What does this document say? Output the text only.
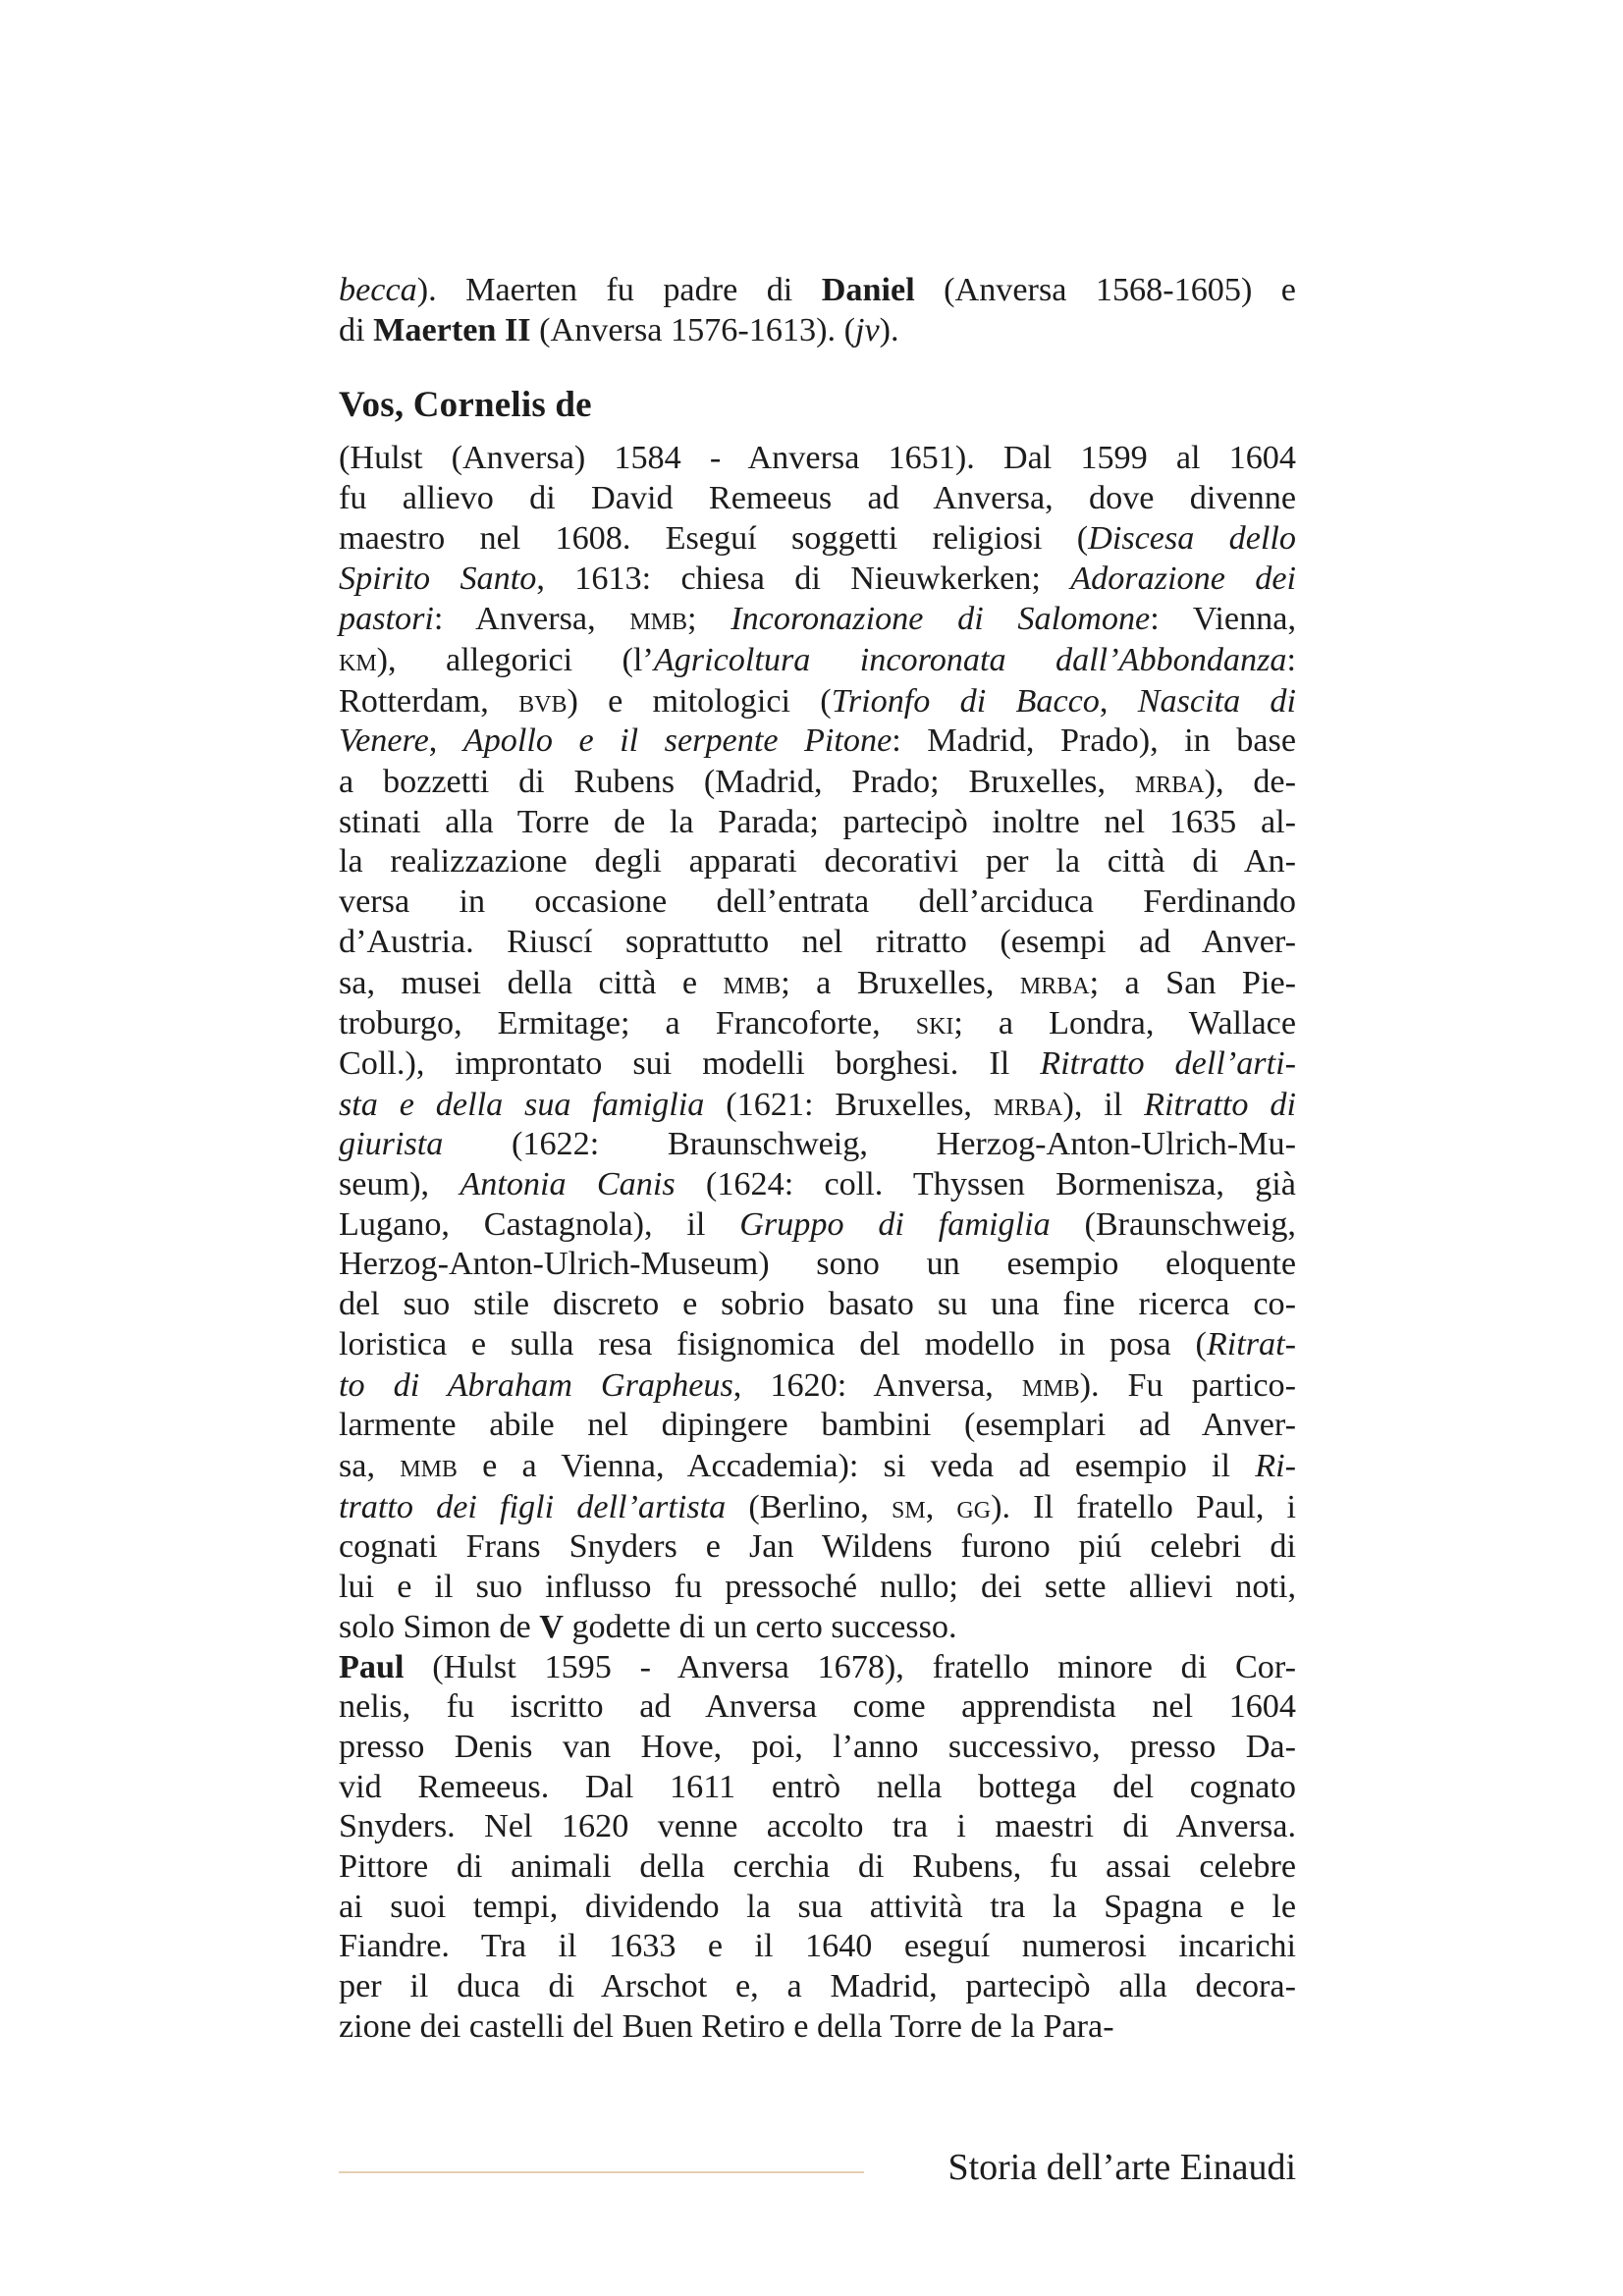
becca). Maerten fu padre di Daniel (Anversa 1568-1605) e
di Maerten II (Anversa 1576-1613). (jv).
Vos, Cornelis de
(Hulst (Anversa) 1584 - Anversa 1651). Dal 1599 al 1604
fu allievo di David Remeeus ad Anversa, dove divenne
maestro nel 1608. Eseguí soggetti religiosi (Discesa dello
Spirito Santo, 1613: chiesa di Nieuwkerken; Adorazione dei
pastori: Anversa, mmb; Incoronazione di Salomone: Vienna,
km), allegorici (l’Agricoltura incoronata dall’Abbondanza:
Rotterdam, bvb) e mitologici (Trionfo di Bacco, Nascita di
Venere, Apollo e il serpente Pitone: Madrid, Prado), in base
a bozzetti di Rubens (Madrid, Prado; Bruxelles, mrba), de-
stinati alla Torre de la Parada; partecipò inoltre nel 1635 al-
la realizzazione degli apparati decorativi per la città di An-
versa in occasione dell’entrata dell’arciduca Ferdinando
d’Austria. Riuscí soprattutto nel ritratto (esempi ad Anver-
sa, musei della città e mmb; a Bruxelles, mrba; a San Pie-
troburgo, Ermitage; a Francoforte, ski; a Londra, Wallace
Coll.), improntato sui modelli borghesi. Il Ritratto dell’arti-
sta e della sua famiglia (1621: Bruxelles, mrba), il Ritratto di
giurista (1622: Braunschweig, Herzog-Anton-Ulrich-Mu-
seum), Antonia Canis (1624: coll. Thyssen Bormenisza, già
Lugano, Castagnola), il Gruppo di famiglia (Braunschweig,
Herzog-Anton-Ulrich-Museum) sono un esempio eloquente
del suo stile discreto e sobrio basato su una fine ricerca co-
loristica e sulla resa fisignomica del modello in posa (Ritrat-
to di Abraham Grapheus, 1620: Anversa, mmb). Fu partico-
larmente abile nel dipingere bambini (esemplari ad Anver-
sa, mmb e a Vienna, Accademia): si veda ad esempio il Ri-
tratto dei figli dell’artista (Berlino, sm, gg). Il fratello Paul, i
cognati Frans Snyders e Jan Wildens furono piú celebri di
lui e il suo influsso fu pressoché nullo; dei sette allievi noti,
solo Simon de V godette di un certo successo.
Paul (Hulst 1595 - Anversa 1678), fratello minore di Cor-
nelis, fu iscritto ad Anversa come apprendista nel 1604
presso Denis van Hove, poi, l’anno successivo, presso Da-
vid Remeeus. Dal 1611 entrò nella bottega del cognato
Snyders. Nel 1620 venne accolto tra i maestri di Anversa.
Pittore di animali della cerchia di Rubens, fu assai celebre
ai suoi tempi, dividendo la sua attività tra la Spagna e le
Fiandre. Tra il 1633 e il 1640 eseguí numerosi incarichi
per il duca di Arschot e, a Madrid, partecipò alla decora-
zione dei castelli del Buen Retiro e della Torre de la Para-
Storia dell’arte Einaudi
